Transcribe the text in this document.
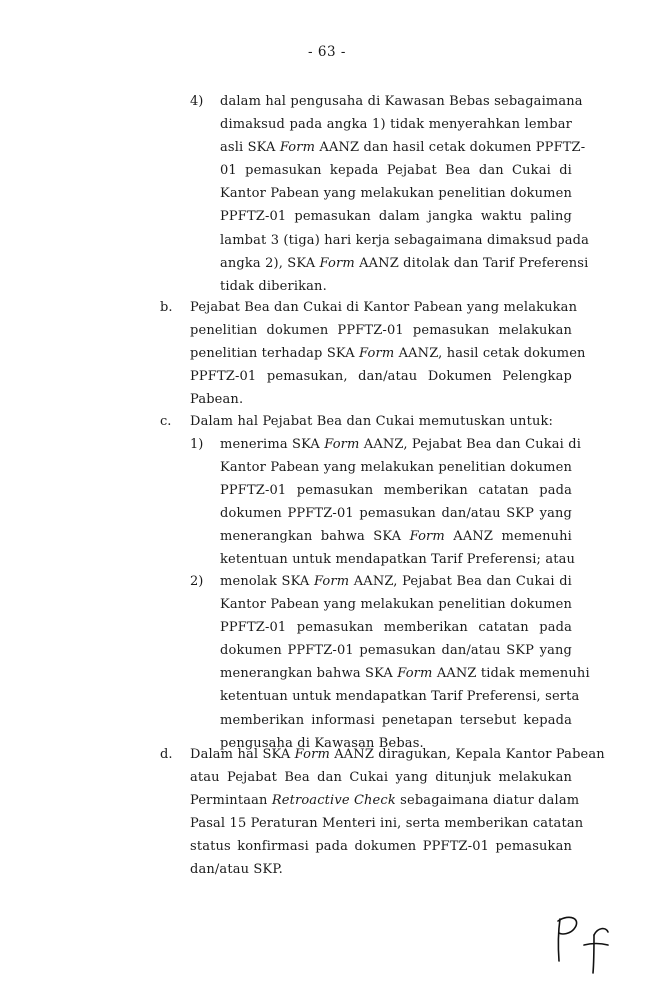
- 63 -
4) dalam hal pengusaha di Kawasan Bebas sebagaimana
dimaksud pada angka 1) tidak menyerahkan lembar
asli SKA Form AANZ dan hasil cetak dokumen PPFTZ-
01 pemasukan kepada Pejabat Bea dan Cukai di
Kantor Pabean yang melakukan penelitian dokumen
PPFTZ-01 pemasukan dalam jangka waktu paling
lambat 3 (tiga) hari kerja sebagaimana dimaksud pada
angka 2), SKA Form AANZ ditolak dan Tarif Preferensi
tidak diberikan.
b. Pejabat Bea dan Cukai di Kantor Pabean yang melakukan
penelitian dokumen PPFTZ-01 pemasukan melakukan
penelitian terhadap SKA Form AANZ, hasil cetak dokumen
PPFTZ-01 pemasukan, dan/atau Dokumen Pelengkap
Pabean.
c. Dalam hal Pejabat Bea dan Cukai memutuskan untuk:
1) menerima SKA Form AANZ, Pejabat Bea dan Cukai di
Kantor Pabean yang melakukan penelitian dokumen
PPFTZ-01 pemasukan memberikan catatan pada
dokumen PPFTZ-01 pemasukan dan/atau SKP yang
menerangkan bahwa SKA Form AANZ memenuhi
ketentuan untuk mendapatkan Tarif Preferensi; atau
2) menolak SKA Form AANZ, Pejabat Bea dan Cukai di
Kantor Pabean yang melakukan penelitian dokumen
PPFTZ-01 pemasukan memberikan catatan pada
dokumen PPFTZ-01 pemasukan dan/atau SKP yang
menerangkan bahwa SKA Form AANZ tidak memenuhi
ketentuan untuk mendapatkan Tarif Preferensi, serta
memberikan informasi penetapan tersebut kepada
pengusaha di Kawasan Bebas.
d. Dalam hal SKA Form AANZ diragukan, Kepala Kantor Pabean
atau Pejabat Bea dan Cukai yang ditunjuk melakukan
Permintaan Retroactive Check sebagaimana diatur dalam
Pasal 15 Peraturan Menteri ini, serta memberikan catatan
status konfirmasi pada dokumen PPFTZ-01 pemasukan
dan/atau SKP.
